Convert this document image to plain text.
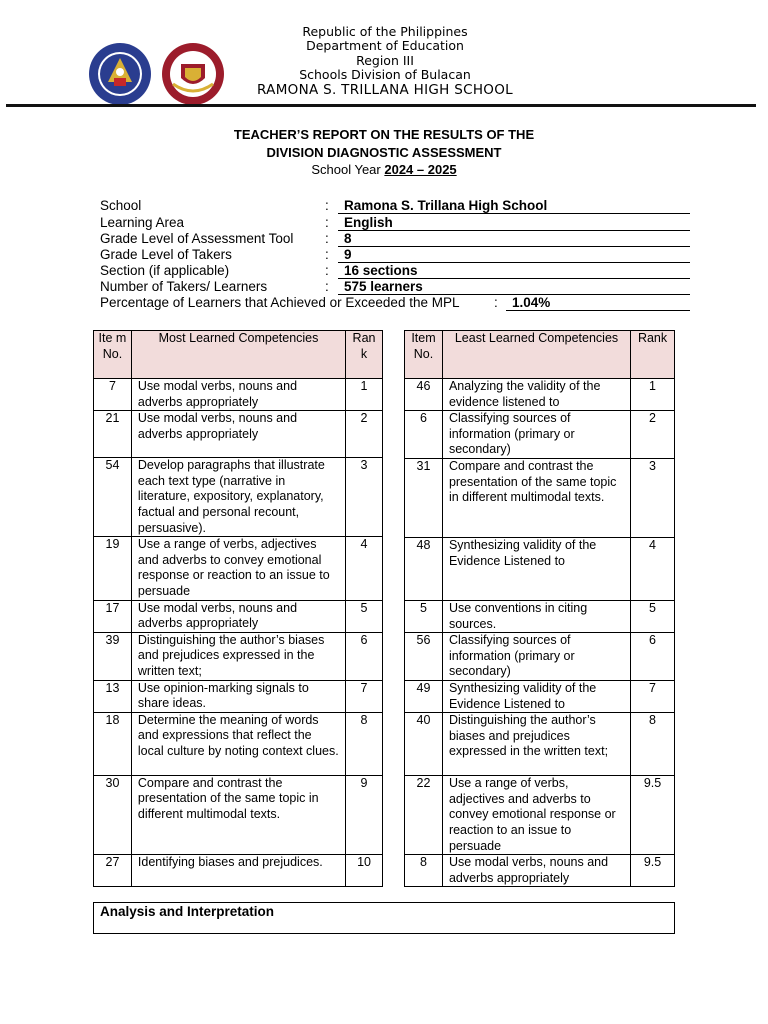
Republic of the Philippines
Department of Education
Region III
Schools Division of Bulacan
RAMONA S. TRILLANA HIGH SCHOOL
TEACHER’S REPORT ON THE RESULTS OF THE
DIVISION DIAGNOSTIC ASSESSMENT
School Year 2024 – 2025
School	:	Ramona S. Trillana High School
Learning Area	:	English
Grade Level of Assessment Tool :	8
Grade Level of Takers	:	9
Section (if applicable)	:	16 sections
Number of Takers/ Learners	:	575 learners
Percentage of Learners that Achieved or Exceeded the MPL	:	1.04%
Ite m No.	Most Learned Competencies	Ran k
7	Use modal verbs, nouns and adverbs appropriately	1
21	Use modal verbs, nouns and adverbs appropriately	2
54	Develop paragraphs that illustrate each text type (narrative in literature, expository, explanatory, factual and personal recount, persuasive).	3
19	Use a range of verbs, adjectives and adverbs to convey emotional response or reaction to an issue to persuade	4
17	Use modal verbs, nouns and adverbs appropriately	5
39	Distinguishing the author’s biases and prejudices expressed in the written text;	6
13	Use opinion-marking signals to share ideas.	7
18	Determine the meaning of words and expressions that reflect the local culture by noting context clues.	8
30	Compare and contrast the presentation of the same topic in different multimodal texts.	9
27	Identifying biases and prejudices.	10
Item No.	Least Learned Competencies	Rank
46	Analyzing the validity of the evidence listened to	1
6	Classifying sources of information (primary or secondary)	2
31	Compare and contrast the presentation of the same topic in different multimodal texts.	3
48	Synthesizing validity of the Evidence Listened to	4
5	Use conventions in citing sources.	5
56	Classifying sources of information (primary or secondary)	6
49	Synthesizing validity of the Evidence Listened to	7
40	Distinguishing the author’s biases and prejudices expressed in the written text;	8
22	Use a range of verbs, adjectives and adverbs to convey emotional response or reaction to an issue to persuade	9.5
8	Use modal verbs, nouns and adverbs appropriately	9.5
Analysis and Interpretation
